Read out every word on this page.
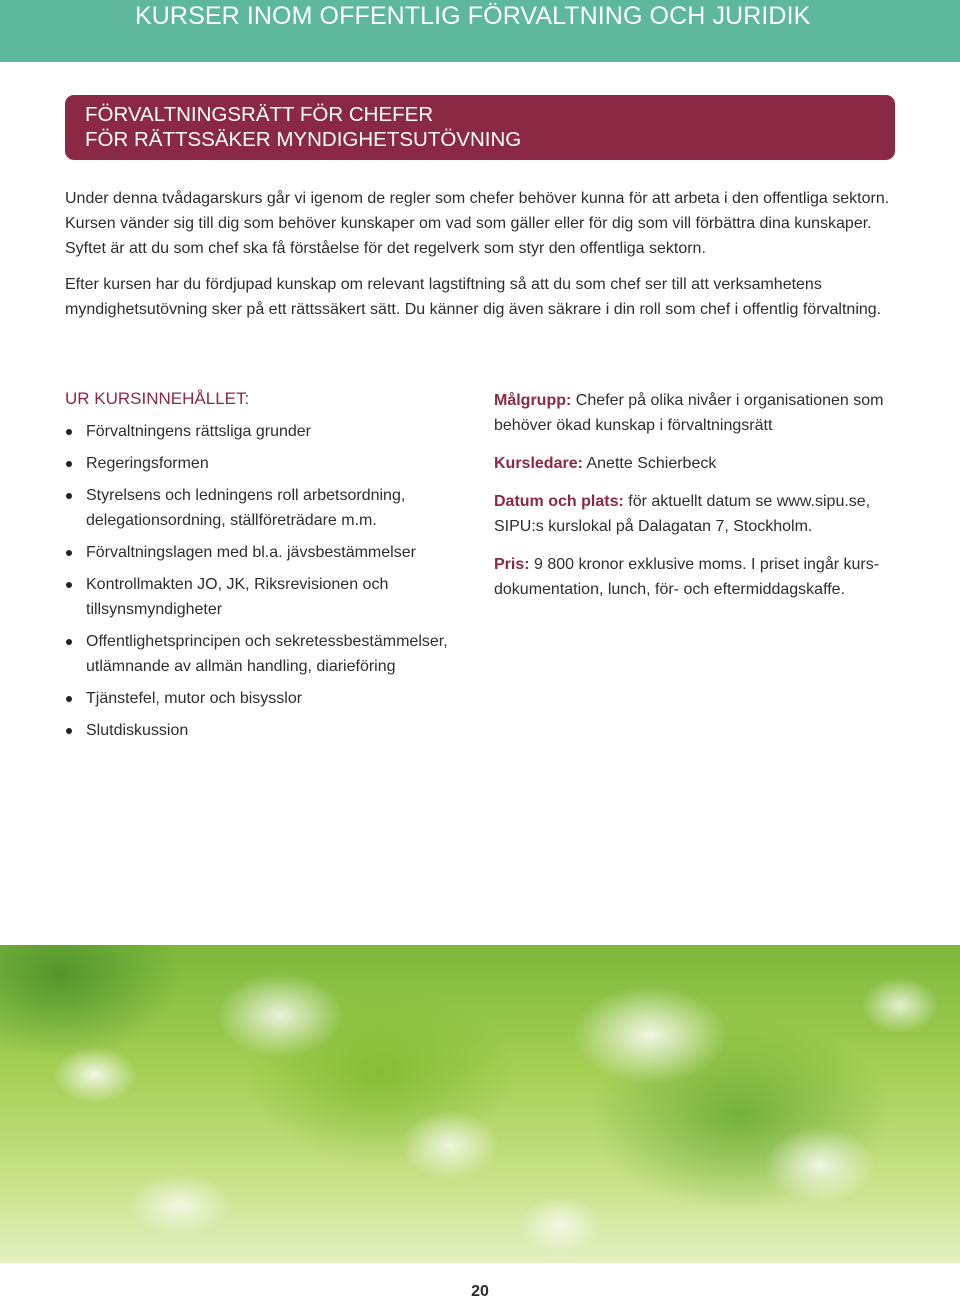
KURSER INOM OFFENTLIG FÖRVALTNING OCH JURIDIK
FÖRVALTNINGSRÄTT FÖR CHEFER
FÖR RÄTTSSÄKER MYNDIGHETSUTÖVNING

Under denna tvådagarskurs går vi igenom de regler som chefer behöver kunna för att arbeta i den offentliga sektorn. Kursen vänder sig till dig som behöver kunskaper om vad som gäller eller för dig som vill förbättra dina kunskaper. Syftet är att du som chef ska få förståelse för det regelverk som styr den offentliga sektorn.

Efter kursen har du fördjupad kunskap om relevant lagstiftning så att du som chef ser till att verksamhetens myndighetsutövning sker på ett rättssäkert sätt. Du känner dig även säkrare i din roll som chef i offentlig förvaltning.

UR KURSINNEHÅLLET:
Förvaltningens rättsliga grunder
Regeringsformen
Styrelsens och ledningens roll arbetsordning, delegationsordning, ställföreträdare m.m.
Förvaltningslagen med bl.a. jävsbestämmelser
Kontrollmakten JO, JK, Riksrevisionen och tillsynsmyndigheter
Offentlighetsprincipen och sekretessbestämmelser, utlämnande av allmän handling, diarieföring
Tjänstefel, mutor och bisysslor
Slutdiskussion

Målgrupp: Chefer på olika nivåer i organisationen som behöver ökad kunskap i förvaltningsrätt

Kursledare: Anette Schierbeck

Datum och plats: för aktuellt datum se www.sipu.se, SIPU:s kurslokal på Dalagatan 7, Stockholm.

Pris: 9 800 kronor exklusive moms. I priset ingår kursdokumentation, lunch, för- och eftermiddagskaffe.

20
